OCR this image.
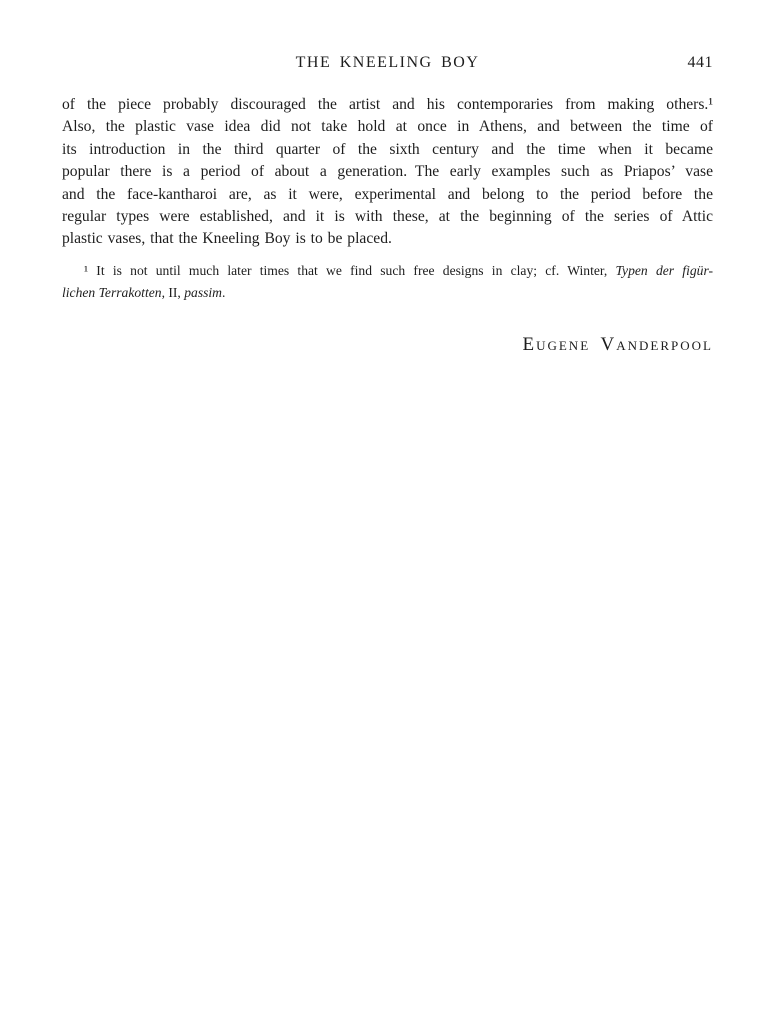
THE KNEELING BOY	441
of the piece probably discouraged the artist and his contemporaries from making others.¹
Also, the plastic vase idea did not take hold at once in Athens, and between the time of
its introduction in the third quarter of the sixth century and the time when it became
popular there is a period of about a generation. The early examples such as Priapos’ vase
and the face-kantharoi are, as it were, experimental and belong to the period before the
regular types were established, and it is with these, at the beginning of the series of Attic
plastic vases, that the Kneeling Boy is to be placed.
¹ It is not until much later times that we find such free designs in clay; cf. Winter, Typen der figür-
lichen Terrakotten, II, passim.
Eugene Vanderpool
